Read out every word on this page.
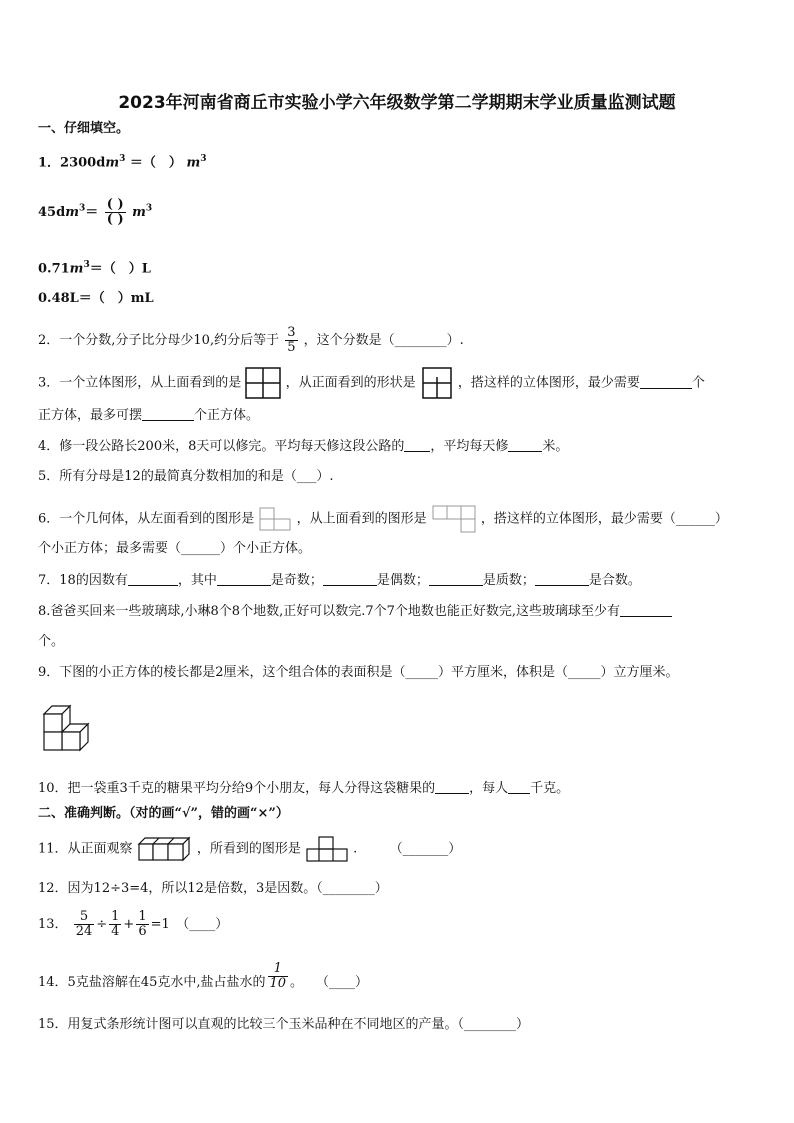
2023年河南省商丘市实验小学六年级数学第二学期期末学业质量监测试题
一、仔细填空。
1．$2300dm^3$ ＝（　） $m^3$
$45dm^3= \frac{( )}{( )} m^3$
$0.71m^3=$（　）L
0.48L＝（　）mL
2．一个分数,分子比分母少10,约分后等于 $\frac{3}{5}$ ，这个分数是（________）.
3．一个立体图形，从上面看到的是	，从正面看到的形状是	，搭这样的立体图形，最少需要	个
正方体，最多可摆	个正方体。
4．修一段公路长200米，8天可以修完。平均每天修这段公路的 ，平均每天修	米。
5．所有分母是12的最简真分数相加的和是（___）.
6．一个几何体，从左面看到的图形是	，从上面看到的图形是	，搭这样的立体图形，最少需要（______）
个小正方体；最多需要（______）个小正方体。
7．18的因数有	，其中	是奇数；	是偶数；	是质数；	是合数。
8.爸爸买回来一些玻璃球,小琳8个8个地数,正好可以数完.7个7个地数也能正好数完,这些玻璃球至少有
个。
9．下图的小正方体的棱长都是2厘米，这个组合体的表面积是（_____）平方厘米，体积是（_____）立方厘米。
10．把一袋重3千克的糖果平均分给9个小朋友，每人分得这袋糖果的	，每人 千克。
二、准确判断。（对的画“√”，错的画“×”）
11．从正面观察	，所看到的图形是	.　　　（_______）
12．因为12÷3=4，所以12是倍数，3是因数。（________）
13． $\frac{5}{24} \div \frac{1}{4} + \frac{1}{6} =1$　（____）
14．5克盐溶解在45克水中,盐占盐水的 $\frac{1}{10}$ 。　　（____）
15．用复式条形统计图可以直观的比较三个玉米品种在不同地区的产量。（________）
